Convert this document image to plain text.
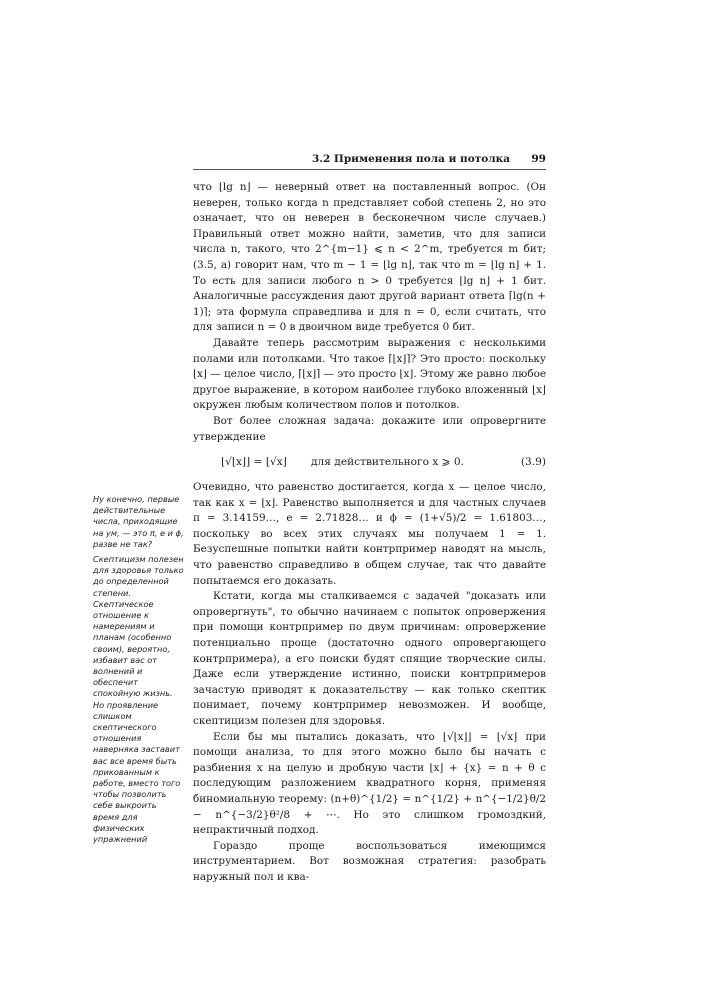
3.2 Применения пола и потолка 99

что ⌊lg n⌋ — неверный ответ на поставленный вопрос. (Он неверен, только когда n представляет собой степень 2, но это означает, что он неверен в бесконечном числе случаев.) Правильный ответ можно найти, заметив, что для записи числа n, такого, что 2^{m−1} ⩽ n < 2^m, требуется m бит; (3.5, a) говорит нам, что m − 1 = ⌊lg n⌋, так что m = ⌊lg n⌋ + 1. То есть для записи любого n > 0 требуется ⌊lg n⌋ + 1 бит. Аналогичные рассуждения дают другой вариант ответа ⌈lg(n + 1)⌉; эта формула справедлива и для n = 0, если считать, что для записи n = 0 в двоичном виде требуется 0 бит.

Давайте теперь рассмотрим выражения с несколькими полами или потолками. Что такое ⌈⌊x⌋⌉? Это просто: поскольку ⌊x⌋ — целое число, ⌈⌊x⌋⌉ — это просто ⌊x⌋. Этому же равно любое другое выражение, в котором наиболее глубоко вложенный ⌊x⌋ окружен любым количеством полов и потолков.

Вот более сложная задача: докажите или опровергните утверждение

⌊√⌊x⌋⌋ = ⌊√x⌋ для действительного x ⩾ 0.	(3.9)

Очевидно, что равенство достигается, когда x — целое число, так как x = ⌊x⌋. Равенство выполняется и для частных случаев π = 3.14159…, e = 2.71828… и ϕ = (1+√5)/2 = 1.61803…, поскольку во всех этих случаях мы получаем 1 = 1. Безуспешные попытки найти контрпример наводят на мысль, что равенство справедливо в общем случае, так что давайте попытаемся его доказать.

Кстати, когда мы сталкиваемся с задачей "доказать или опровергнуть", то обычно начинаем с попыток опровержения при помощи контрпример по двум причинам: опровержение потенциально проще (достаточно одного опровергающего контрпримера), а его поиски будят спящие творческие силы. Даже если утверждение истинно, поиски контрпримеров зачастую приводят к доказательству — как только скептик понимает, почему контрпример невозможен. И вообще, скептицизм полезен для здоровья.

Если бы мы пытались доказать, что ⌊√⌊x⌋⌋ = ⌊√x⌋ при помощи анализа, то для этого можно было бы начать с разбиения x на целую и дробную части ⌊x⌋ + {x} = n + θ с последующим разложением квадратного корня, применяя биномиальную теорему: (n+θ)^{1/2} = n^{1/2} + n^{−1/2}θ/2 − n^{−3/2}θ²/8 + ⋯. Но это слишком громоздкий, непрактичный подход.

Гораздо проще воспользоваться имеющимся инструментарием. Вот возможная стратегия: разобрать наружный пол и ква-

Ну конечно, первые действительные числа, приходящие на ум, — это π, e и ϕ, разве не так?

Скептицизм полезен для здоровья только до определенной степени. Скептическое отношение к намерениям и планам (особенно своим), вероятно, избавит вас от волнений и обеспечит спокойную жизнь. Но проявление слишком скептического отношения наверняка заставит вас все время быть прикованным к работе, вместо того чтобы позволить себе выкроить время для физических упражнений
